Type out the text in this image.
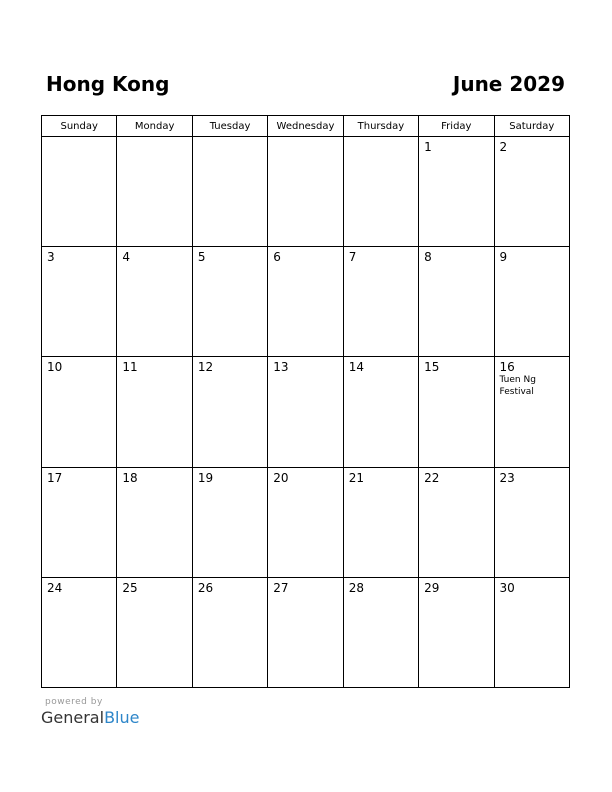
Hong Kong	June 2029
Sunday	Monday	Tuesday	Wednesday	Thursday	Friday	Saturday

					1	2

3	4	5	6	7	8	9

10	11	12	13	14	15	16
Tuen Ng Festival

17	18	19	20	21	22	23

24	25	26	27	28	29	30
powered by
GeneralBlue
